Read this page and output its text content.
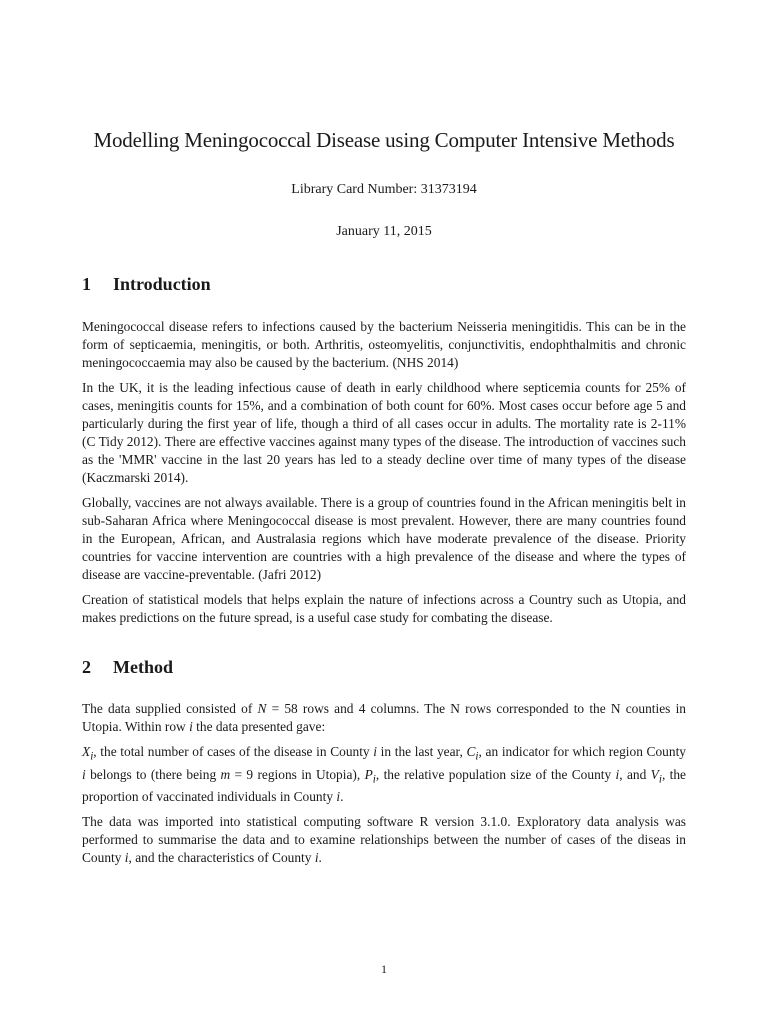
Modelling Meningococcal Disease using Computer Intensive Methods
Library Card Number: 31373194
January 11, 2015
1 Introduction

Meningococcal disease refers to infections caused by the bacterium Neisseria meningitidis. This can be in the form of septicaemia, meningitis, or both. Arthritis, osteomyelitis, conjunctivitis, endophthalmitis and chronic meningococcaemia may also be caused by the bacterium. (NHS 2014)

In the UK, it is the leading infectious cause of death in early childhood where septicemia counts for 25% of cases, meningitis counts for 15%, and a combination of both count for 60%. Most cases occur before age 5 and particularly during the first year of life, though a third of all cases occur in adults. The mortality rate is 2-11% (C Tidy 2012). There are effective vaccines against many types of the disease. The introduction of vaccines such as the 'MMR' vaccine in the last 20 years has led to a steady decline over time of many types of the disease (Kaczmarski 2014).

Globally, vaccines are not always available. There is a group of countries found in the African meningitis belt in sub-Saharan Africa where Meningococcal disease is most prevalent. However, there are many countries found in the European, African, and Australasia regions which have moderate prevalence of the disease. Priority countries for vaccine intervention are countries with a high prevalence of the disease and where the types of disease are vaccine-preventable. (Jafri 2012)

Creation of statistical models that helps explain the nature of infections across a Country such as Utopia, and makes predictions on the future spread, is a useful case study for combating the disease.

2 Method

The data supplied consisted of N = 58 rows and 4 columns. The N rows corresponded to the N counties in Utopia. Within row i the data presented gave:

$X_i$, the total number of cases of the disease in County i in the last year, $C_i$, an indicator for which region County i belongs to (there being m = 9 regions in Utopia), $P_i$, the relative population size of the County i, and $V_i$, the proportion of vaccinated individuals in County i.

The data was imported into statistical computing software R version 3.1.0. Exploratory data analysis was performed to summarise the data and to examine relationships between the number of cases of the diseas in County i, and the characteristics of County i.

1
